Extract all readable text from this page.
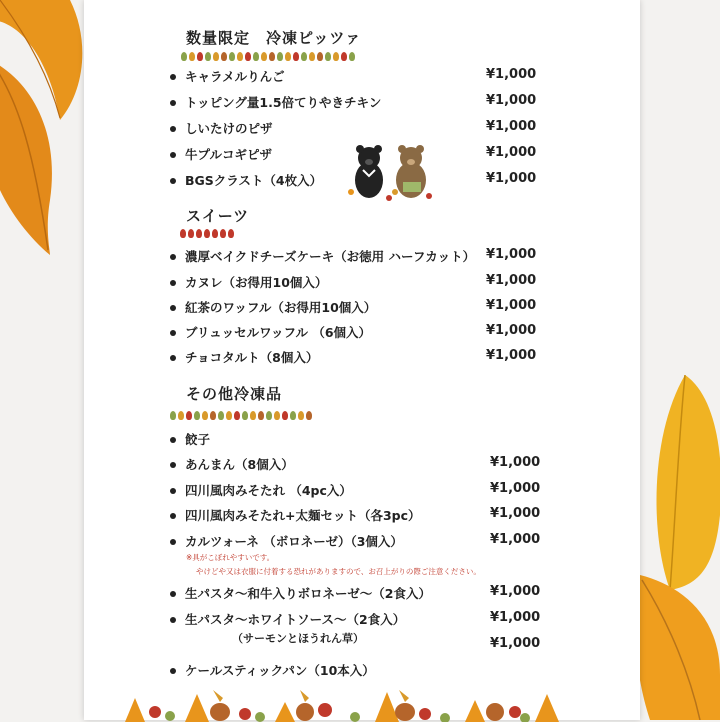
数量限定　冷凍ピッツァ
キャラメルりんご	¥1,000
トッピング量1.5倍てりやきチキン	¥1,000
しいたけのピザ	¥1,000
牛プルコギピザ	¥1,000
BGSクラスト（4枚入）	¥1,000
スイーツ
濃厚ベイクドチーズケーキ（お徳用 ハーフカット） ¥1,000
カヌレ（お得用10個入）	¥1,000
紅茶のワッフル（お得用10個入）	¥1,000
ブリュッセルワッフル （6個入）	¥1,000
チョコタルト（8個入）	¥1,000
その他冷凍品
餃子
あんまん（8個入）	¥1,000
四川風肉みそたれ （4pc入）	¥1,000
四川風肉みそたれ+太麺セット（各3pc）	¥1,000
カルツォーネ （ボロネーゼ）（3個入）	¥1,000
※具がこぼれやすいです。
やけどや又は衣服に付着する恐れがありますので、お召上がりの際ご注意ください。
生パスタ～和牛入りボロネーゼ～（2食入）	¥1,000
生パスタ～ホワイトソース～（2食入）	¥1,000
（サーモンとほうれん草）	¥1,000
ケールスティックパン（10本入）
